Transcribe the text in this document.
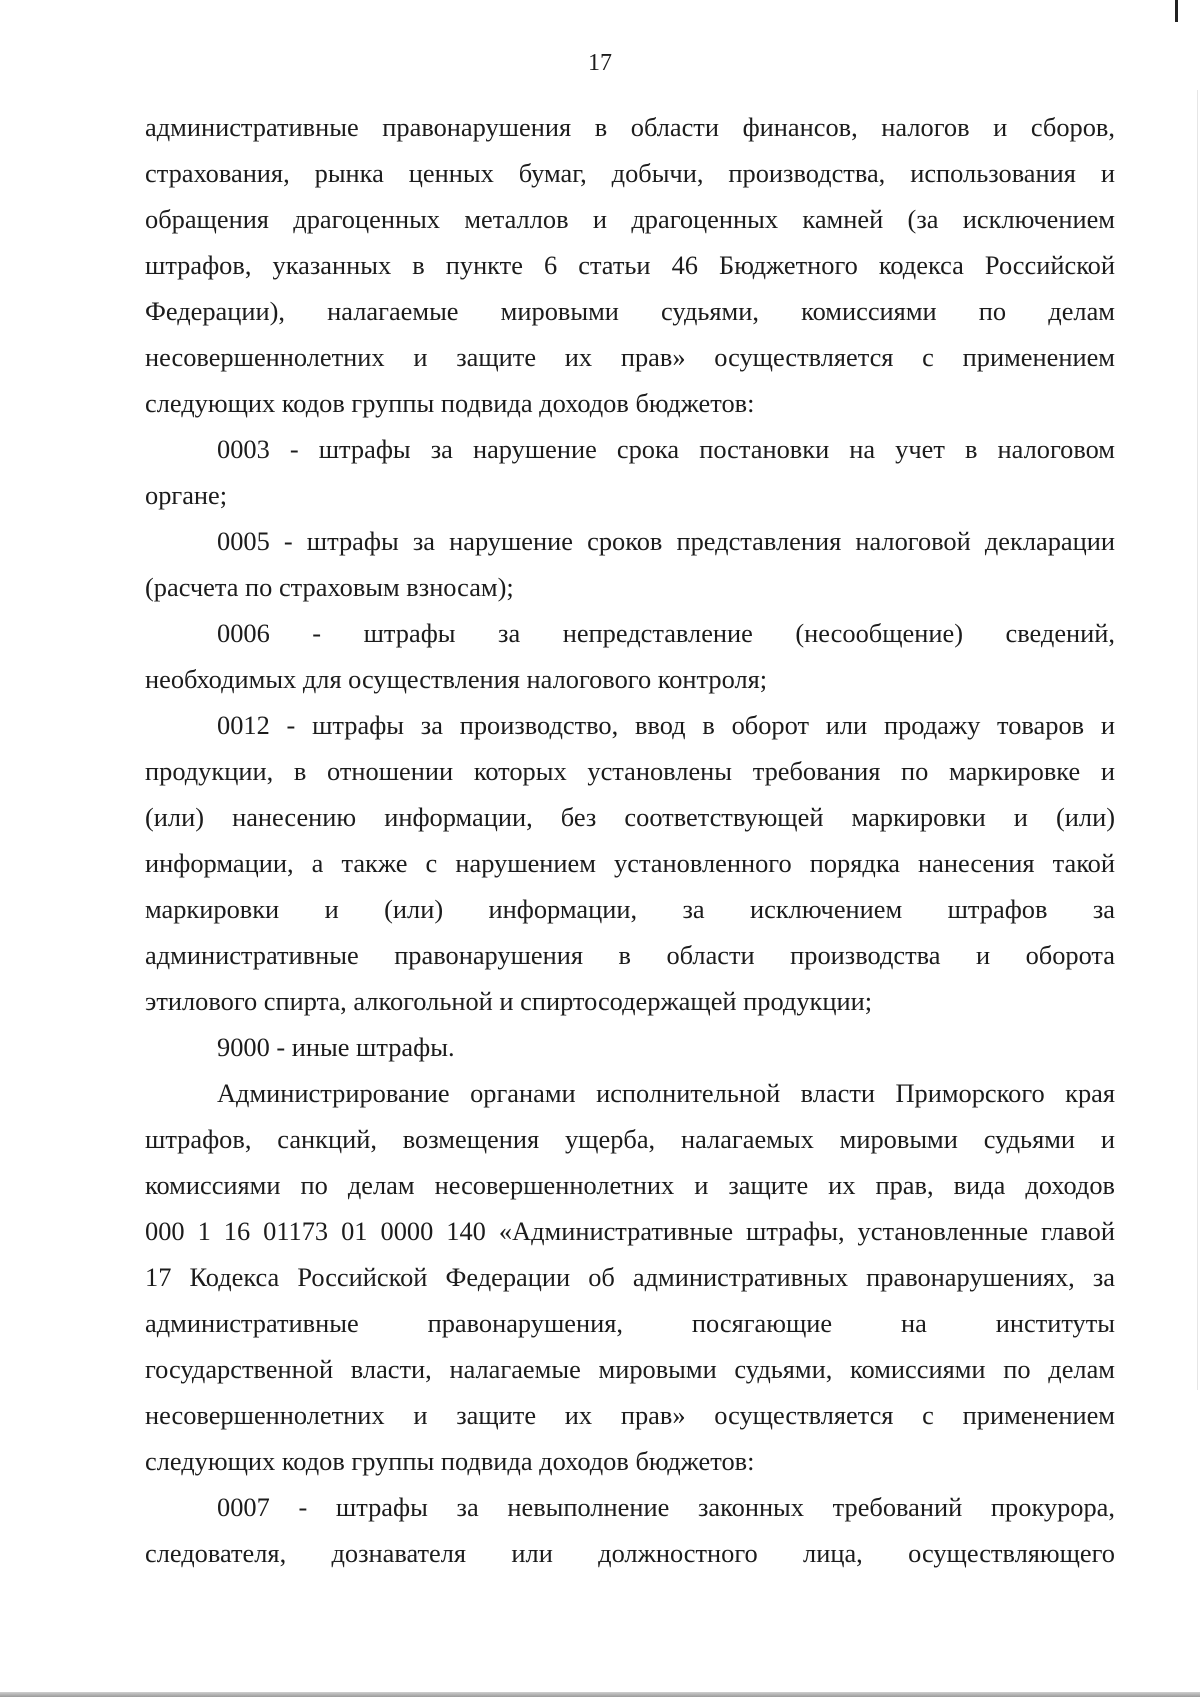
17

административные правонарушения в области финансов, налогов и сборов,
страхования, рынка ценных бумаг, добычи, производства, использования и
обращения драгоценных металлов и драгоценных камней (за исключением
штрафов, указанных в пункте 6 статьи 46 Бюджетного кодекса Российской
Федерации), налагаемые мировыми судьями, комиссиями по делам
несовершеннолетних и защите их прав» осуществляется с применением

следующих кодов группы подвида доходов бюджетов:

0003 - штрафы за нарушение срока постановки на учет в налоговом

органе;

0005 - штрафы за нарушение сроков представления налоговой декларации

(расчета по страховым взносам);

0006 - штрафы за непредставление (несообщение) сведений,

необходимых для осуществления налогового контроля;

0012 - штрафы за производство, ввод в оборот или продажу товаров и

продукции, в отношении которых установлены требования по маркировке и
(или) нанесению информации, без соответствующей маркировки и (или)
информации, а также с нарушением установленного порядка нанесения такой
маркировки и (или) информации, за исключением штрафов за
административные правонарушения в области производства и оборота

этилового спирта, алкогольной и спиртосодержащей продукции;

9000 - иные штрафы.

Администрирование органами исполнительной власти Приморского края

штрафов, санкций, возмещения ущерба, налагаемых мировыми судьями и
комиссиями по делам несовершеннолетних и защите их прав, вида доходов
000 1 16 01173 01 0000 140 «Административные штрафы, установленные главой
17 Кодекса Российской Федерации об административных правонарушениях, за
административные правонарушения, посягающие на институты
государственной власти, налагаемые мировыми судьями, комиссиями по делам
несовершеннолетних и защите их прав» осуществляется с применением

следующих кодов группы подвида доходов бюджетов:

0007 - штрафы за невыполнение законных требований прокурора,

следователя, дознавателя или должностного лица, осуществляющего
